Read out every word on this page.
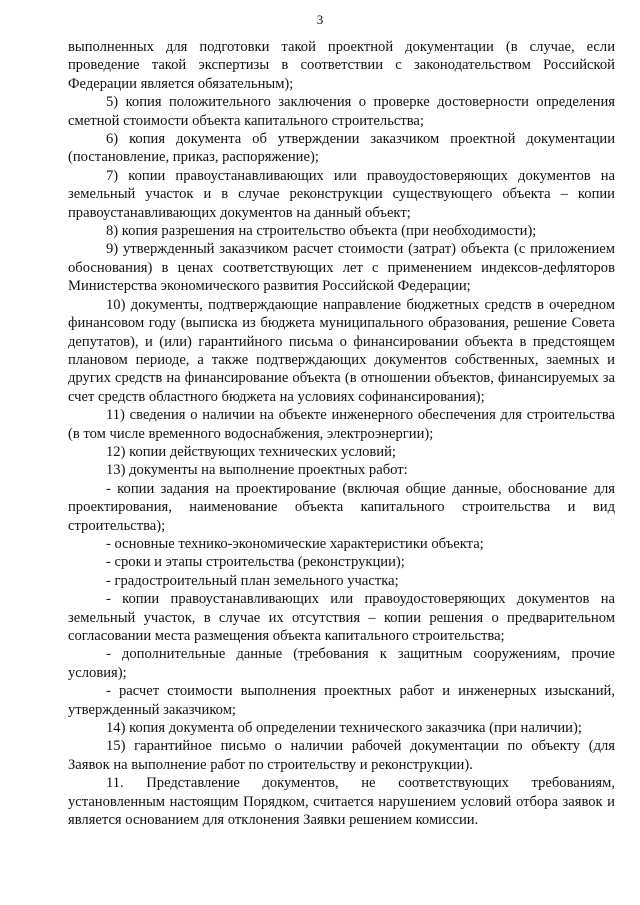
3

выполненных для подготовки такой проектной документации (в случае, если проведение такой экспертизы в соответствии с законодательством Российской Федерации является обязательным);

5) копия положительного заключения о проверке достоверности определения сметной стоимости объекта капитального строительства;

6) копия документа об утверждении заказчиком проектной документации (постановление, приказ, распоряжение);

7) копии правоустанавливающих или правоудостоверяющих документов на земельный участок и в случае реконструкции существующего объекта – копии правоустанавливающих документов на данный объект;

8) копия разрешения на строительство объекта (при необходимости);

9) утвержденный заказчиком расчет стоимости (затрат) объекта (с приложением обоснования) в ценах соответствующих лет с применением индексов-дефляторов Министерства экономического развития Российской Федерации;

10) документы, подтверждающие направление бюджетных средств в очередном финансовом году (выписка из бюджета муниципального образования, решение Совета депутатов), и (или) гарантийного письма о финансировании объекта в предстоящем плановом периоде, а также подтверждающих документов собственных, заемных и других средств на финансирование объекта (в отношении объектов, финансируемых за счет средств областного бюджета на условиях софинансирования);

11) сведения о наличии на объекте инженерного обеспечения для строительства (в том числе временного водоснабжения, электроэнергии);

12) копии действующих технических условий;

13) документы на выполнение проектных работ:

- копии задания на проектирование (включая общие данные, обоснование для проектирования, наименование объекта капитального строительства и вид строительства);

- основные технико-экономические характеристики объекта;

- сроки и этапы строительства (реконструкции);

- градостроительный план земельного участка;

- копии правоустанавливающих или правоудостоверяющих документов на земельный участок, в случае их отсутствия – копии решения о предварительном согласовании места размещения объекта капитального строительства;

- дополнительные данные (требования к защитным сооружениям, прочие условия);

- расчет стоимости выполнения проектных работ и инженерных изысканий, утвержденный заказчиком;

14) копия документа об определении технического заказчика (при наличии);

15) гарантийное письмо о наличии рабочей документации по объекту (для Заявок на выполнение работ по строительству и реконструкции).

11. Представление документов, не соответствующих требованиям, установленным настоящим Порядком, считается нарушением условий отбора заявок и является основанием для отклонения Заявки решением комиссии.
